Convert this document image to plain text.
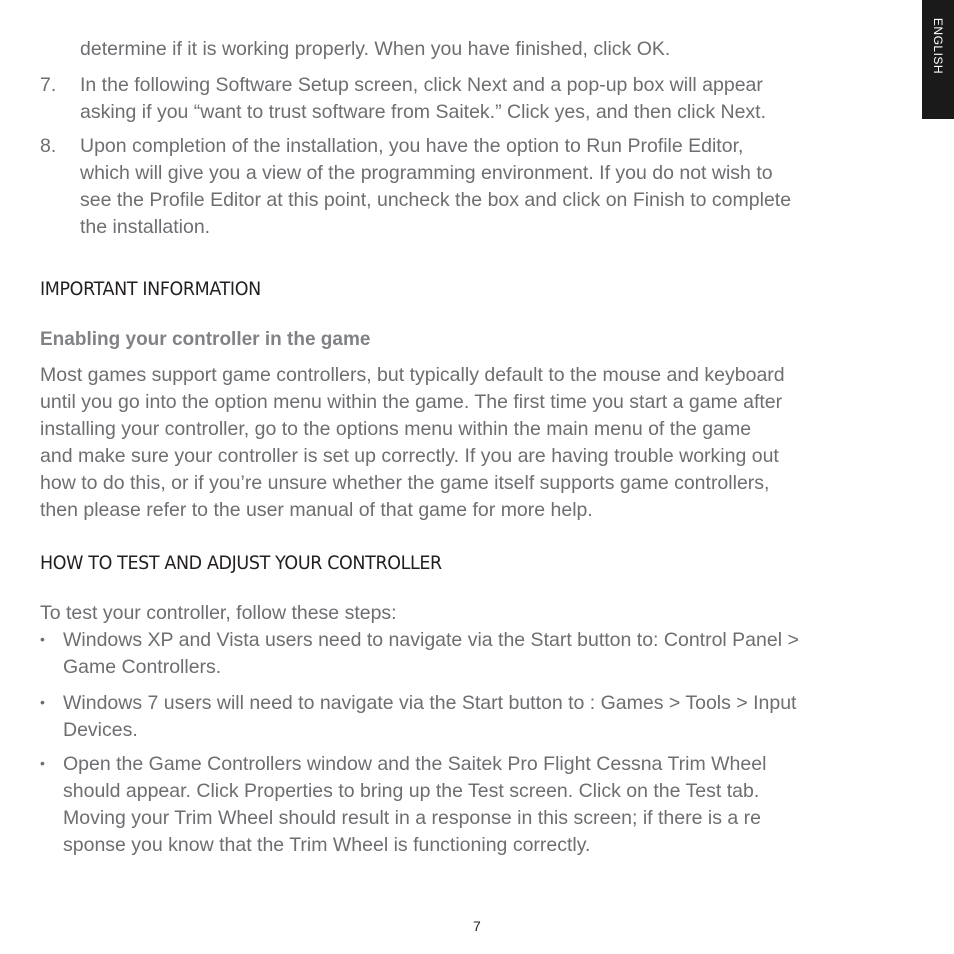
ENGLISH
determine if it is working properly. When you have finished, click OK.
7. In the following Software Setup screen, click Next and a pop-up box will appear
asking if you “want to trust software from Saitek.” Click yes, and then click Next.
8. Upon completion of the installation, you have the option to Run Profile Editor,
which will give you a view of the programming environment. If you do not wish to
see the Profile Editor at this point, uncheck the box and click on Finish to complete
the installation.
IMPORTANT INFORMATION
Enabling your controller in the game
Most games support game controllers, but typically default to the mouse and keyboard
until you go into the option menu within the game. The first time you start a game after
installing your controller, go to the options menu within the main menu of the game
and make sure your controller is set up correctly. If you are having trouble working out
how to do this, or if you’re unsure whether the game itself supports game controllers,
then please refer to the user manual of that game for more help.
HOW TO TEST AND ADJUST YOUR CONTROLLER
To test your controller, follow these steps:
• Windows XP and Vista users need to navigate via the Start button to: Control Panel >
Game Controllers.
• Windows 7 users will need to navigate via the Start button to : Games > Tools > Input
Devices.
• Open the Game Controllers window and the Saitek Pro Flight Cessna Trim Wheel
should appear. Click Properties to bring up the Test screen. Click on the Test tab.
Moving your Trim Wheel should result in a response in this screen; if there is a re
sponse you know that the Trim Wheel is functioning correctly.
7
